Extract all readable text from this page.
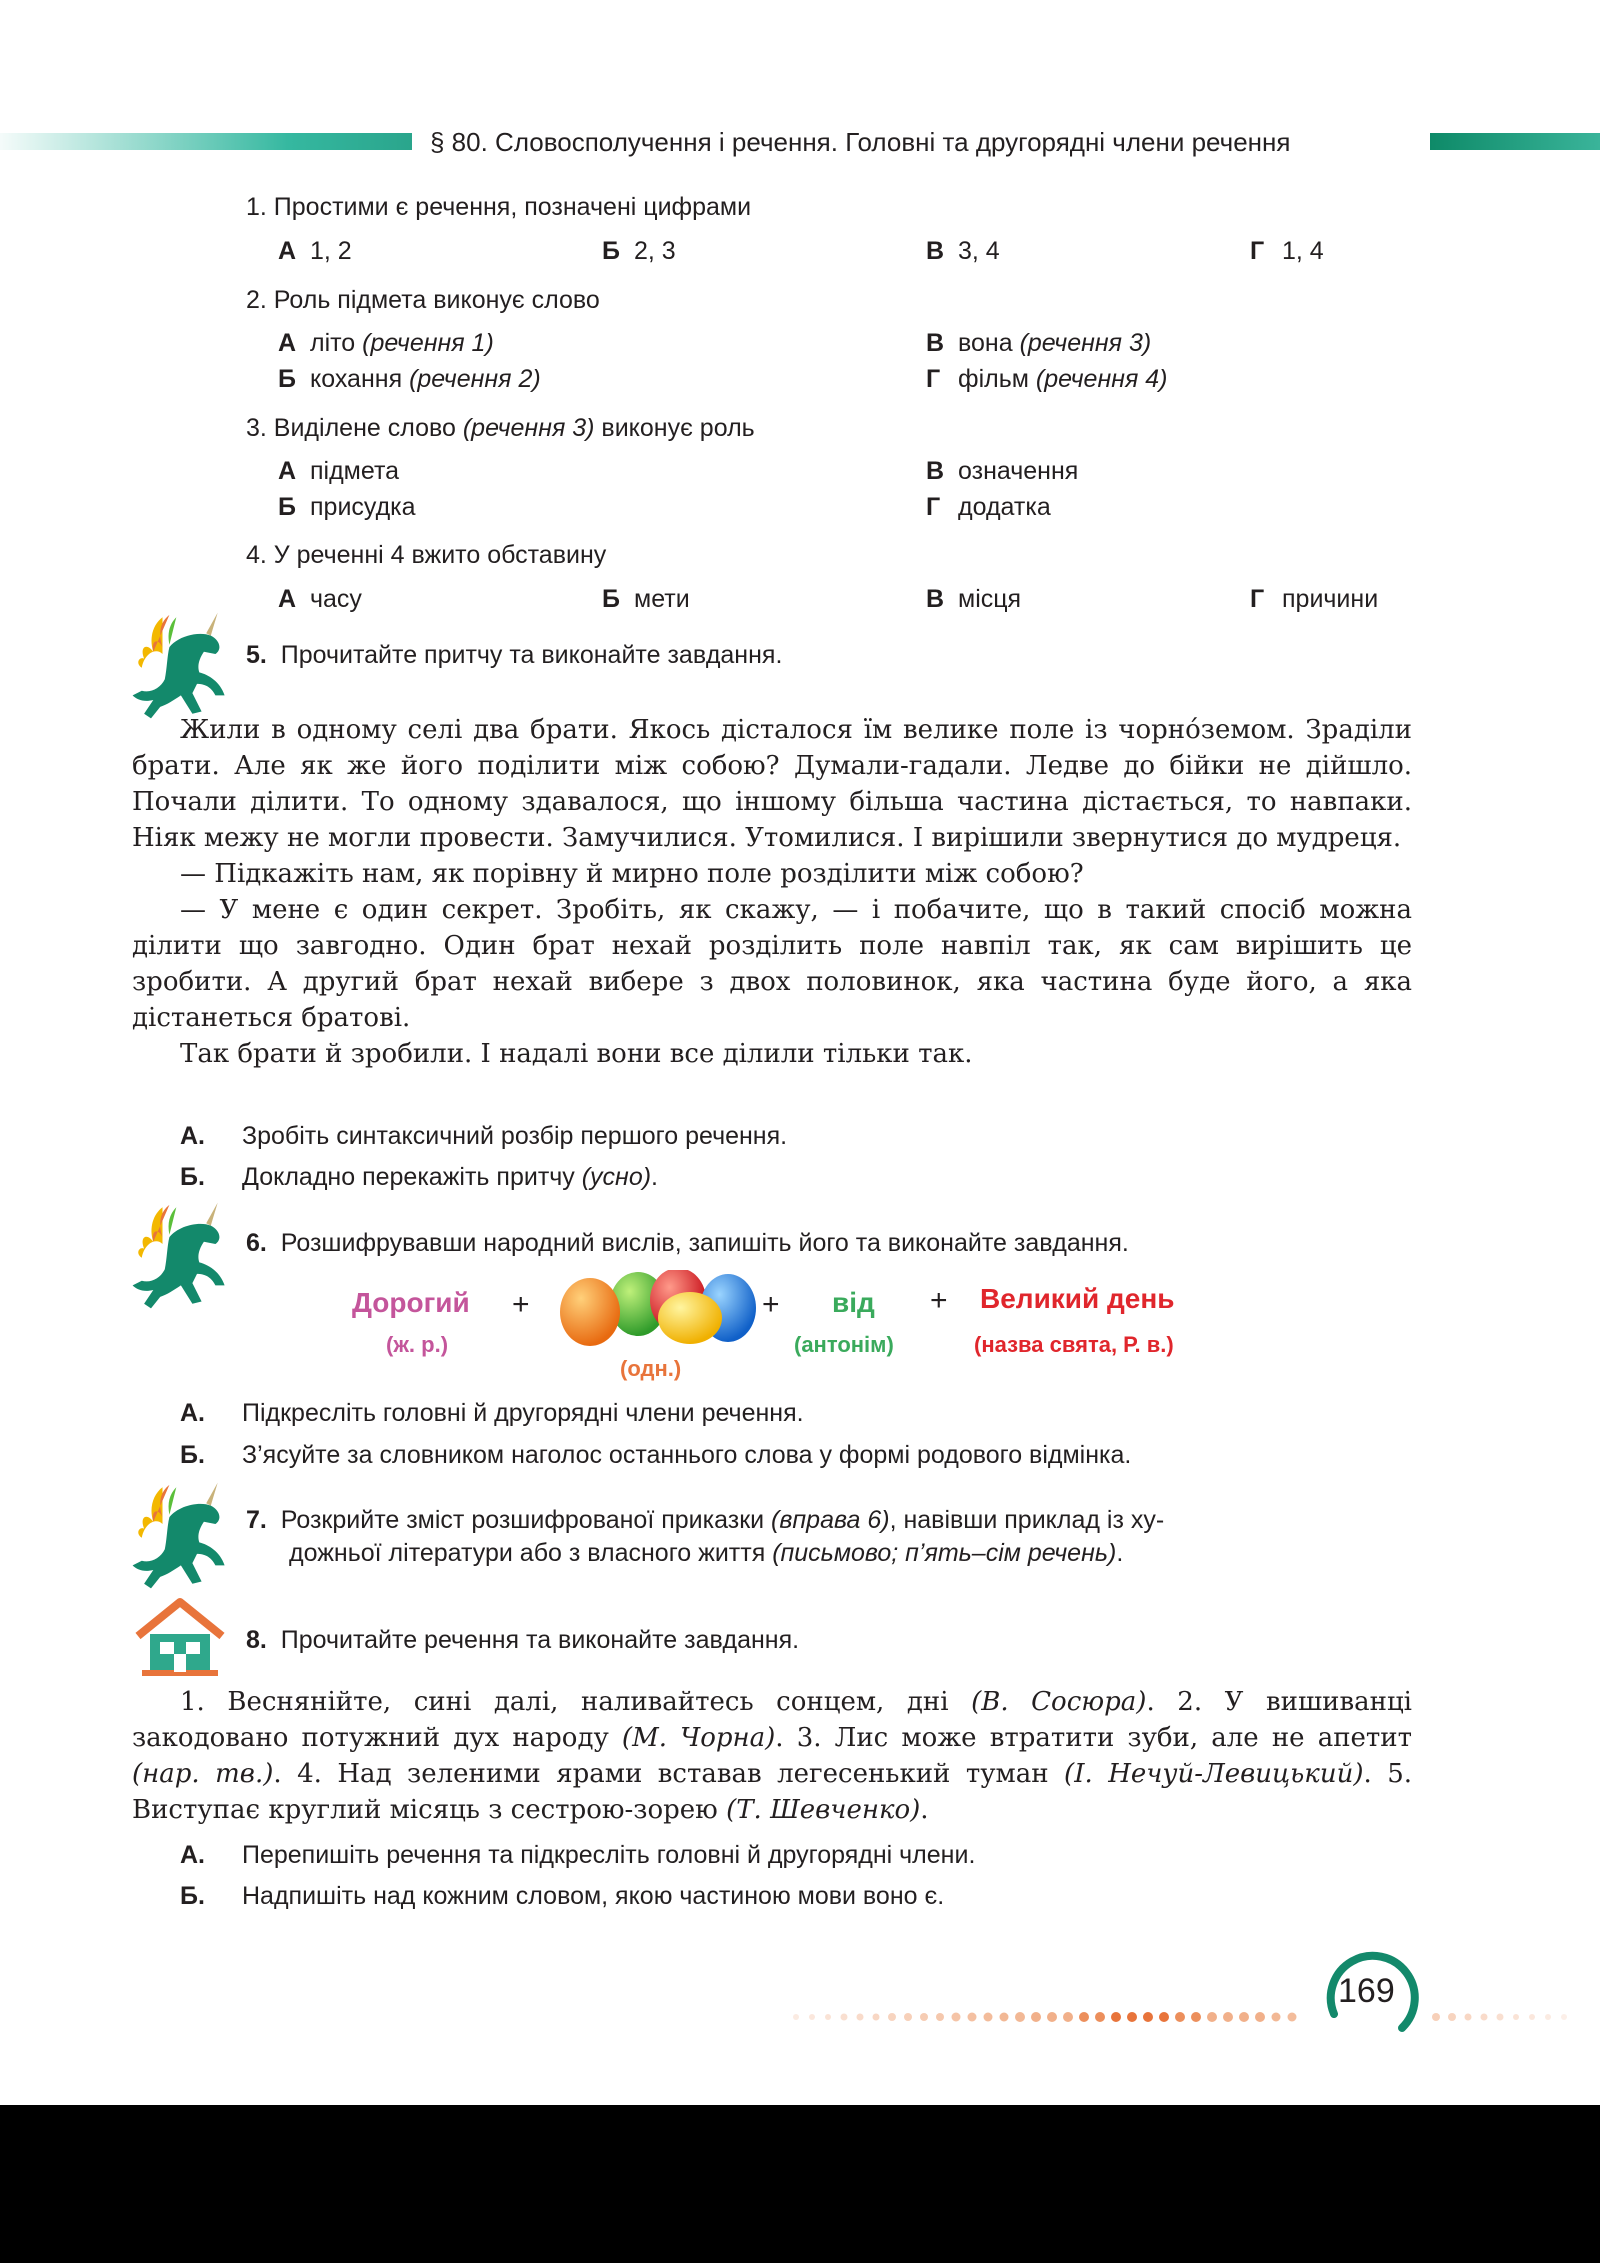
§ 80. Словосполучення і речення. Головні та другорядні члени речення
1. Простими є речення, позначені цифрами
А 1, 2	Б 2, 3	В 3, 4	Г 1, 4
2. Роль підмета виконує слово
А літо (речення 1)
Б кохання (речення 2)
В вона (речення 3)
Г фільм (речення 4)
3. Виділене слово (речення 3) виконує роль
А підмета
Б присудка
В означення
Г додатка
4. У реченні 4 вжито обставину
А часу	Б мети	В місця	Г причини
5. Прочитайте притчу та виконайте завдання.

Жили в одному селі два брати. Якось дісталося їм велике поле із чорно́земом. Зрадiли брати. Але як же його поділити між собою? Думали-гадали. Ледве до бійки не дійшло. Почали ділити. То одному здавалося, що іншому більша частина дістається, то навпаки. Ніяк межу не могли провести. Замучилися. Утомилися. І вирішили звернутися до мудреця.

— Підкажіть нам, як порівну й мирно поле розділити між собою?

— У мене є один секрет. Зробіть, як скажу, — і побачите, що в такий спосіб можна ділити що завгодно. Один брат нехай розділить поле навпіл так, як сам вирішить це зробити. А другий брат нехай вибере з двох половинок, яка частина буде його, а яка дістанеться братові.

Так брати й зробили. І надалі вони все ділили тільки так.

А. Зробіть синтаксичний розбір першого речення.
Б. Докладно перекажіть притчу (усно).
6. Розшифрувавши народний вислів, запишіть його та виконайте завдання.
Дорогий
(ж. р.)
+
(одн.)
+ від
(антонім)
+ Великий день
(назва свята, Р. в.)
А. Підкресліть головні й другорядні члени речення.
Б. З’ясуйте за словником наголос останнього слова у формі родового відмінка.
7. Розкрийте зміст розшифрованої приказки (вправа 6), навівши приклад із ху-
дожньої літератури або з власного життя (письмово; п’ять–сім речень).
8. Прочитайте речення та виконайте завдання.

1. Веснянійте, сині далі, наливайтесь сонцем, дні (В. Сосюра). 2. У вишиванці закодовано потужний дух народу (М. Чорна). 3. Лис може втратити зуби, але не апетит (нар. тв.). 4. Над зеленими ярами вставав легесенький туман (І. Нечуй-Левицький). 5. Виступає круглий місяць з сестрою-зорею (Т. Шевченко).

А. Перепишіть речення та підкресліть головні й другорядні члени.
Б. Надпишіть над кожним словом, якою частиною мови воно є.
169
